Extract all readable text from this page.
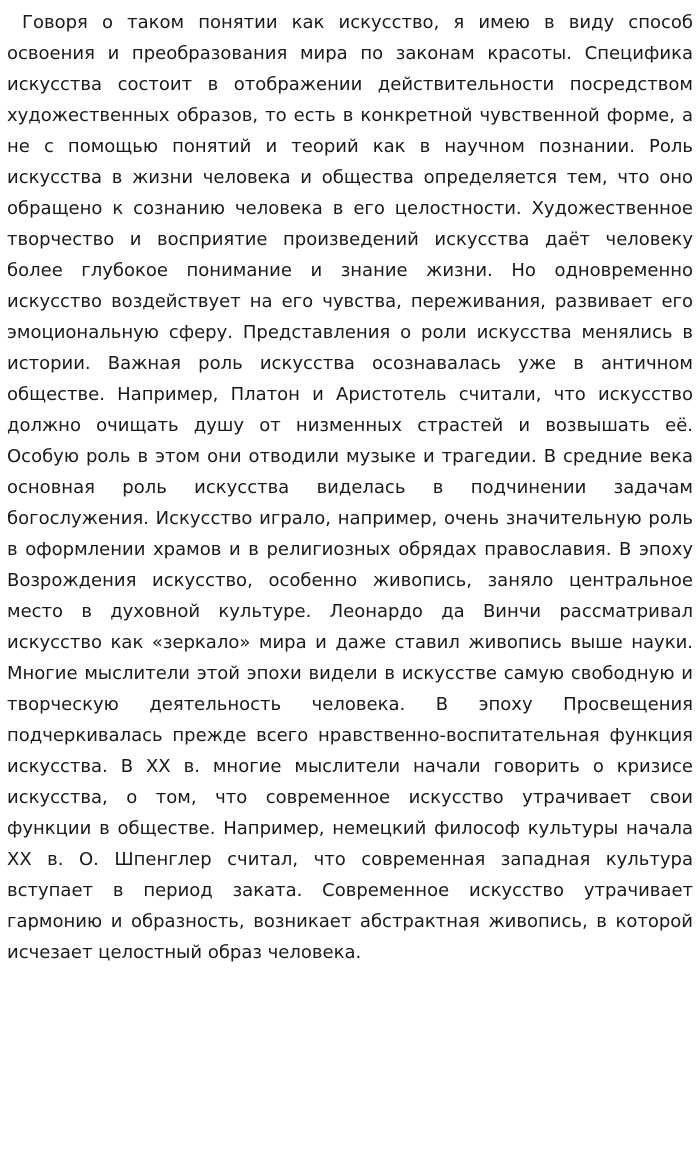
Говоря о таком понятии как искусство, я имею в виду способ освоения и преобразования мира по законам красоты. Специфика искусства состоит в отображении действительности посредством художественных образов, то есть в конкретной чувственной форме, а не с помощью понятий и теорий как в научном познании. Роль искусства в жизни человека и общества определяется тем, что оно обращено к сознанию человека в его целостности. Художественное творчество и восприятие произведений искусства даёт человеку более глубокое понимание и знание жизни. Но одновременно искусство воздействует на его чувства, переживания, развивает его эмоциональную сферу. Представления о роли искусства менялись в истории. Важная роль искусства осознавалась уже в античном обществе. Например, Платон и Аристотель считали, что искусство должно очищать душу от низменных страстей и возвышать её. Особую роль в этом они отводили музыке и трагедии. В средние века основная роль искусства виделась в подчинении задачам богослужения. Искусство играло, например, очень значительную роль в оформлении храмов и в религиозных обрядах православия. В эпоху Возрождения искусство, особенно живопись, заняло центральное место в духовной культуре. Леонардо да Винчи рассматривал искусство как «зеркало» мира и даже ставил живопись выше науки. Многие мыслители этой эпохи видели в искусстве самую свободную и творческую деятельность человека. В эпоху Просвещения подчеркивалась прежде всего нравственно-воспитательная функция искусства. В XX в. многие мыслители начали говорить о кризисе искусства, о том, что современное искусство утрачивает свои функции в обществе. Например, немецкий философ культуры начала XX в. О. Шпенглер считал, что современная западная культура вступает в период заката. Современное искусство утрачивает гармонию и образность, возникает абстрактная живопись, в которой исчезает целостный образ человека.
